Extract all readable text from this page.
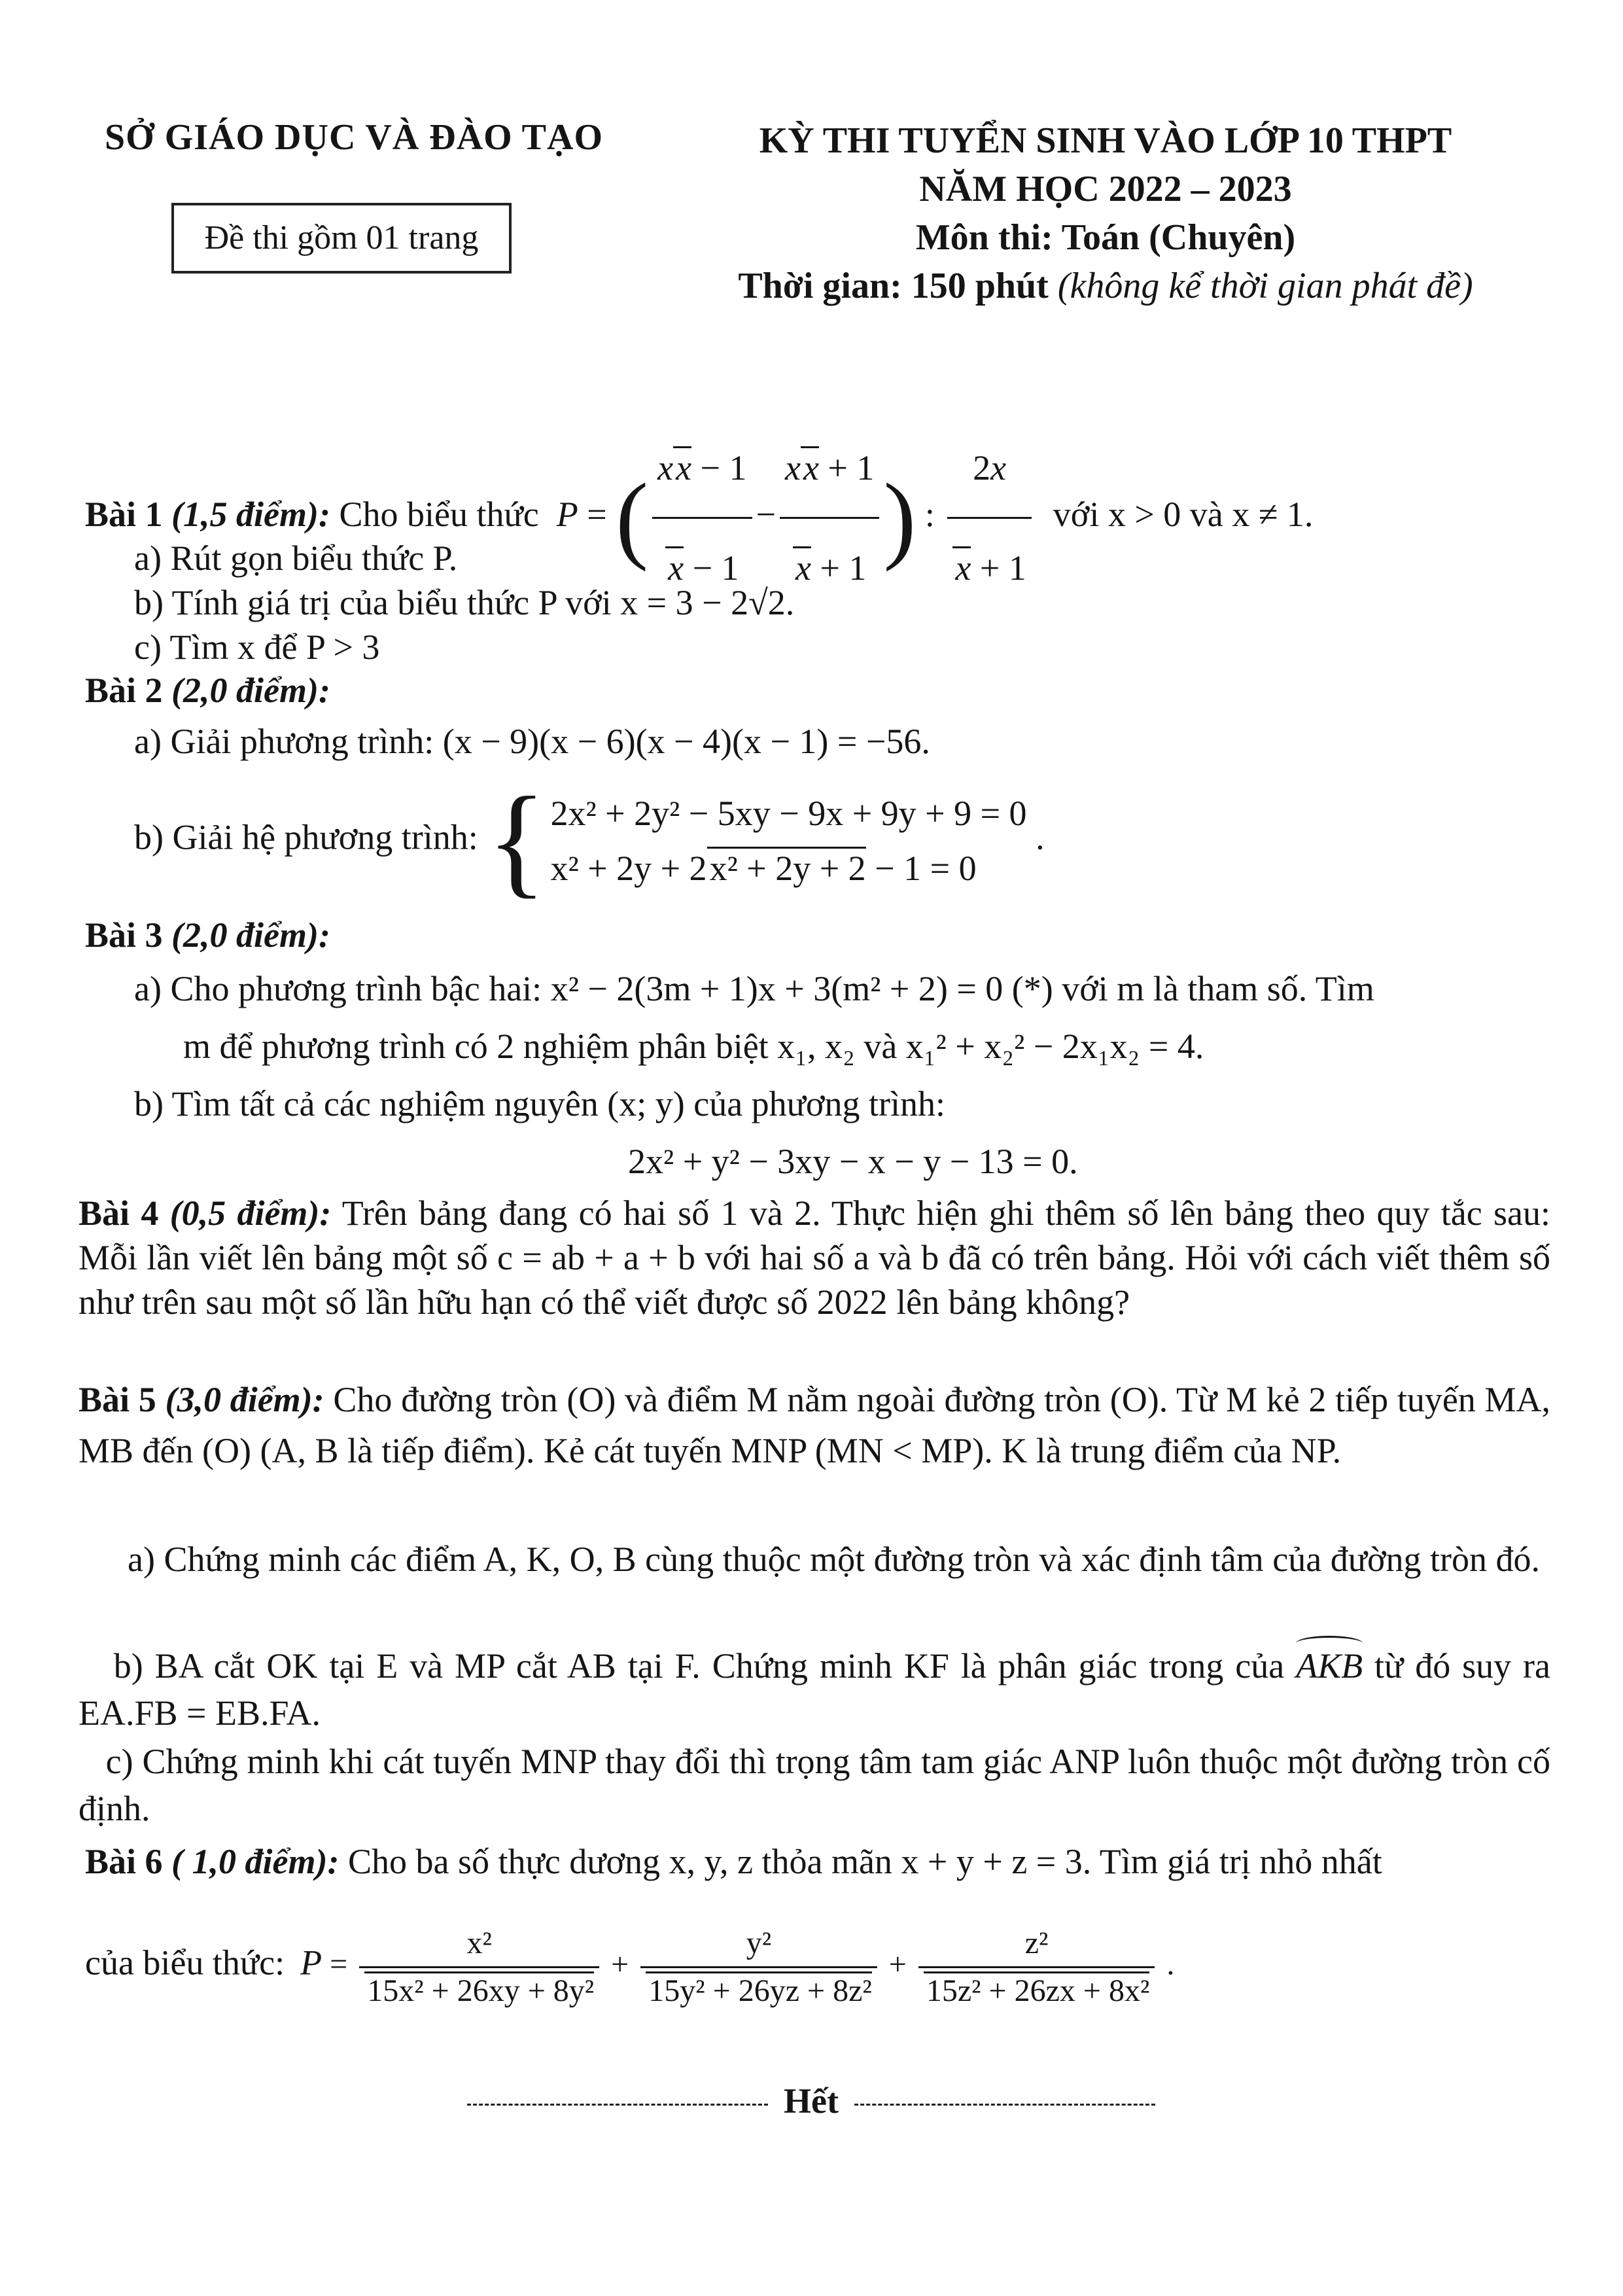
SỞ GIÁO DỤC VÀ ĐÀO TẠO
Đề thi gồm 01 trang
KỲ THI TUYỂN SINH VÀO LỚP 10 THPT
NĂM HỌC 2022 – 2023
Môn thi: Toán (Chuyên)
Thời gian: 150 phút (không kể thời gian phát đề)
Bài 1 (1,5 điểm): Cho biểu thức P = ( $\frac{xx - 1}{x - 1} - \frac{xx + 1}{x + 1}$ ) : $\frac{2x}{x + 1}$ với x > 0 và x ≠ 1.
a) Rút gọn biểu thức P.
b) Tính giá trị của biểu thức P với x = 3 − 2√2.
c) Tìm x để P > 3
Bài 2 (2,0 điểm):
a) Giải phương trình: (x − 9)(x − 6)(x − 4)(x − 1) = −56.
b) Giải hệ phương trình: { 2x² + 2y² − 5xy − 9x + 9y + 9 = 0
x² + 2y + 2x² + 2y + 2 − 1 = 0
.
Bài 3 (2,0 điểm):
a) Cho phương trình bậc hai: x² − 2(3m + 1)x + 3(m² + 2) = 0 (*) với m là tham số. Tìm
m để phương trình có 2 nghiệm phân biệt x₁, x₂ và x₁² + x₂² − 2x₁x₂ = 4.
b) Tìm tất cả các nghiệm nguyên (x; y) của phương trình:
2x² + y² − 3xy − x − y − 13 = 0.
Bài 4 (0,5 điểm): Trên bảng đang có hai số 1 và 2. Thực hiện ghi thêm số lên bảng theo quy tắc sau: Mỗi lần viết lên bảng một số c = ab + a + b với hai số a và b đã có trên bảng. Hỏi với cách viết thêm số như trên sau một số lần hữu hạn có thể viết được số 2022 lên bảng không?
Bài 5 (3,0 điểm): Cho đường tròn (O) và điểm M nằm ngoài đường tròn (O). Từ M kẻ 2 tiếp tuyến MA, MB đến (O) (A, B là tiếp điểm). Kẻ cát tuyến MNP (MN < MP). K là trung điểm của NP.
a) Chứng minh các điểm A, K, O, B cùng thuộc một đường tròn và xác định tâm của đường tròn đó.
b) BA cắt OK tại E và MP cắt AB tại F. Chứng minh KF là phân giác trong của AKB từ đó suy ra EA.FB = EB.FA.
c) Chứng minh khi cát tuyến MNP thay đổi thì trọng tâm tam giác ANP luôn thuộc một đường tròn cố định.
Bài 6 ( 1,0 điểm): Cho ba số thực dương x, y, z thỏa mãn x + y + z = 3. Tìm giá trị nhỏ nhất
của biểu thức: $P = \frac{\text{x²}}{\text{15x² + 26xy + 8y²}} + \frac{\text{y²}}{\text{15y² + 26yz + 8z²}} + \frac{\text{z²}}{\text{15z² + 26zx + 8x²}}$ .
Hết
